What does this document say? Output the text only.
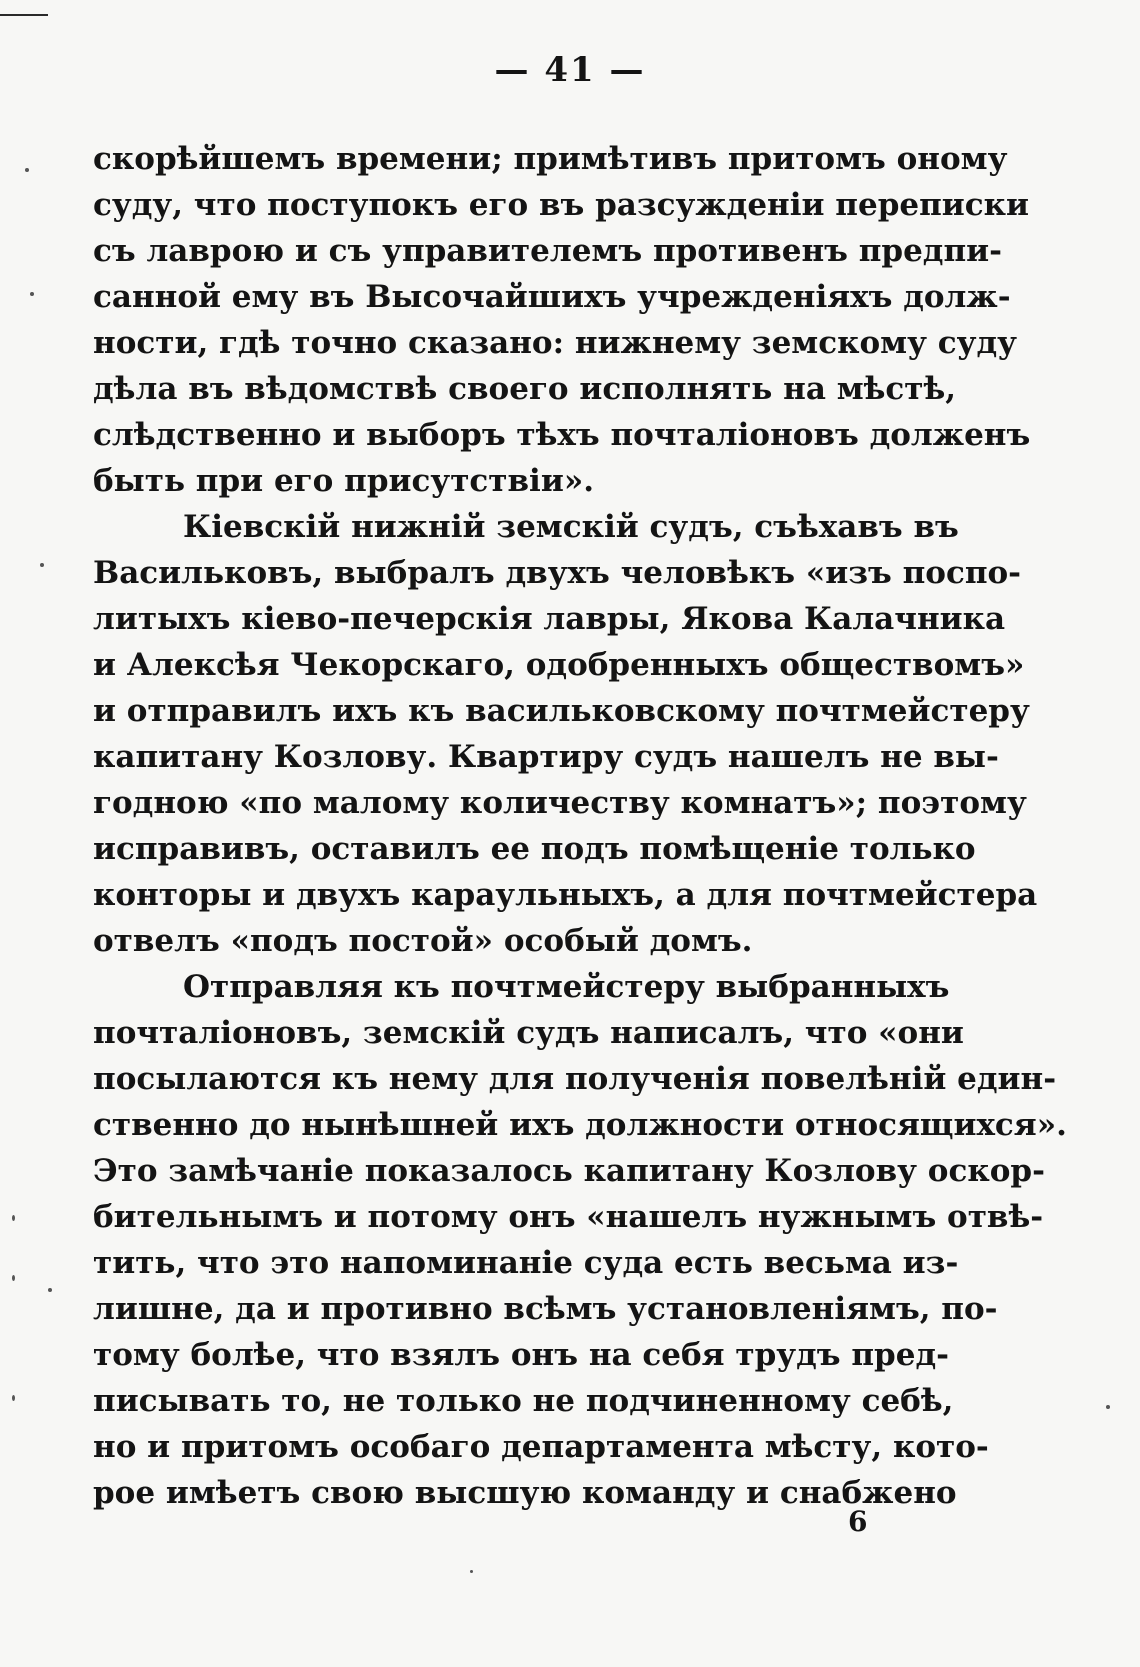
— 41 —
скорѣйшемъ времени; примѣтивъ притомъ оному
суду, что поступокъ его въ разсужденіи переписки
съ лаврою и съ управителемъ противенъ предпи-
санной ему въ Высочайшихъ учрежденіяхъ долж-
ности, гдѣ точно сказано: нижнему земскому суду
дѣла въ вѣдомствѣ своего исполнять на мѣстѣ,
слѣдственно и выборъ тѣхъ почталіоновъ долженъ
быть при его присутствіи».
Кіевскій нижній земскій судъ, съѣхавъ въ
Васильковъ, выбралъ двухъ человѣкъ «изъ поспо-
литыхъ кіево-печерскія лавры, Якова Калачника
и Алексѣя Чекорскаго, одобренныхъ обществомъ»
и отправилъ ихъ къ васильковскому почтмейстеру
капитану Козлову. Квартиру судъ нашелъ не вы-
годною «по малому количеству комнатъ»; поэтому
исправивъ, оставилъ ее подъ помѣщеніе только
конторы и двухъ караульныхъ, а для почтмейстера
отвелъ «подъ постой» особый домъ.
Отправляя къ почтмейстеру выбранныхъ
почталіоновъ, земскій судъ написалъ, что «они
посылаются къ нему для полученія повелѣній един-
ственно до нынѣшней ихъ должности относящихся».
Это замѣчаніе показалось капитану Козлову оскор-
бительнымъ и потому онъ «нашелъ нужнымъ отвѣ-
тить, что это напоминаніе суда есть весьма из-
лишне, да и противно всѣмъ установленіямъ, по-
тому болѣе, что взялъ онъ на себя трудъ пред-
писывать то, не только не подчиненному себѣ,
но и притомъ особаго департамента мѣсту, кото-
рое имѣетъ свою высшую команду и снабжено
6
